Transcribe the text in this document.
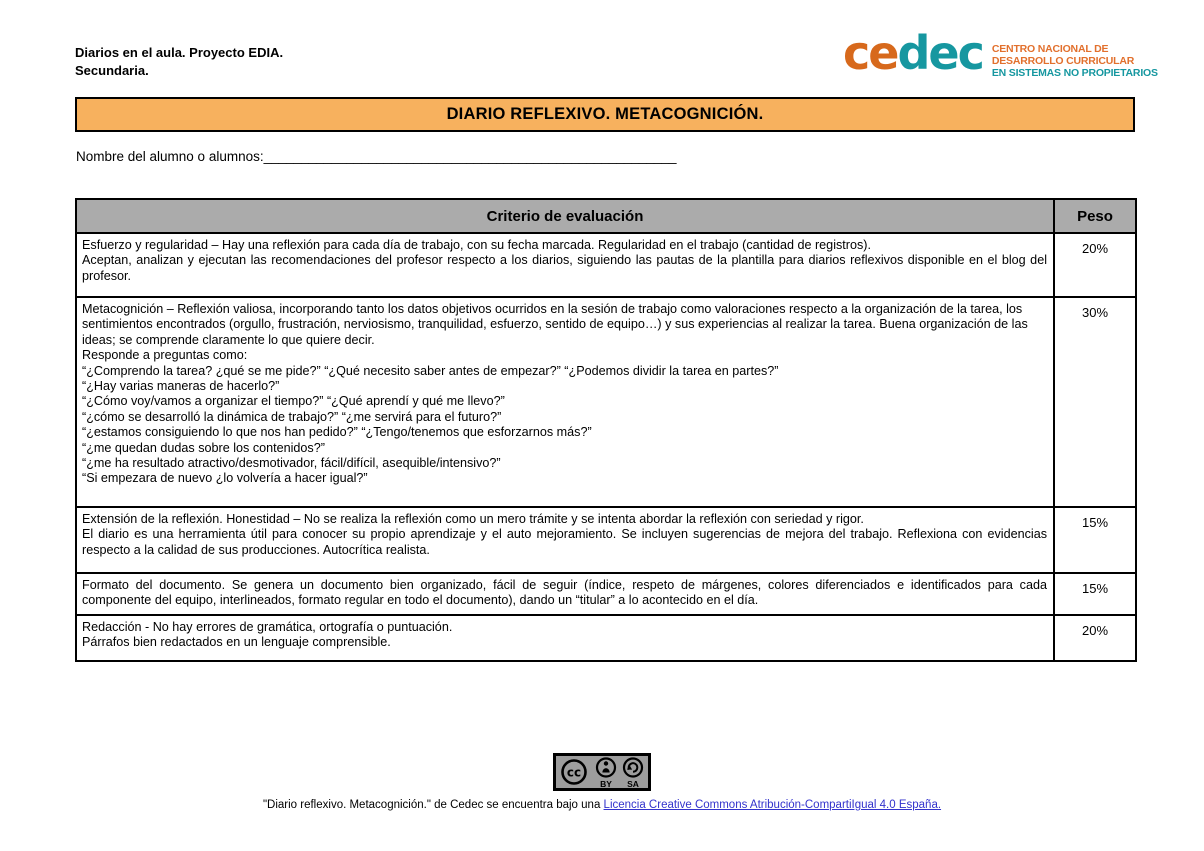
Diarios en el aula. Proyecto EDIA.
Secundaria.	cedec CENTRO NACIONAL DE
DESARROLLO CURRICULAR
EN SISTEMAS NO PROPIETARIOS
DIARIO REFLEXIVO. METACOGNICIÓN.
Nombre del alumno o alumnos:_______________________________________________________
Criterio de evaluación	Peso

Esfuerzo y regularidad – Hay una reflexión para cada día de trabajo, con su fecha marcada. Regularidad en el trabajo (cantidad de registros).
Aceptan, analizan y ejecutan las recomendaciones del profesor respecto a los diarios, siguiendo las pautas de la plantilla para diarios reflexivos disponible en el blog del profesor.	20%

Metacognición – Reflexión valiosa, incorporando tanto los datos objetivos ocurridos en la sesión de trabajo como valoraciones respecto a la organización de la tarea, los sentimientos encontrados (orgullo, frustración, nerviosismo, tranquilidad, esfuerzo, sentido de equipo…) y sus experiencias al realizar la tarea. Buena organización de las ideas; se comprende claramente lo que quiere decir.
Responde a preguntas como:
“¿Comprendo la tarea? ¿qué se me pide?” “¿Qué necesito saber antes de empezar?” “¿Podemos dividir la tarea en partes?”
“¿Hay varias maneras de hacerlo?”
“¿Cómo voy/vamos a organizar el tiempo?” “¿Qué aprendí y qué me llevo?”
“¿cómo se desarrolló la dinámica de trabajo?” “¿me servirá para el futuro?”
“¿estamos consiguiendo lo que nos han pedido?” “¿Tengo/tenemos que esforzarnos más?”
“¿me quedan dudas sobre los contenidos?”
“¿me ha resultado atractivo/desmotivador, fácil/difícil, asequible/intensivo?”
“Si empezara de nuevo ¿lo volvería a hacer igual?”
	30%

Extensión de la reflexión. Honestidad – No se realiza la reflexión como un mero trámite y se intenta abordar la reflexión con seriedad y rigor.
El diario es una herramienta útil para conocer su propio aprendizaje y el auto mejoramiento. Se incluyen sugerencias de mejora del trabajo. Reflexiona con evidencias respecto a la calidad de sus producciones. Autocrítica realista.	15%

Formato del documento. Se genera un documento bien organizado, fácil de seguir (índice, respeto de márgenes, colores diferenciados e identificados para cada componente del equipo, interlineados, formato regular en todo el documento), dando un “titular” a lo acontecido en el día.	15%

Redacción - No hay errores de gramática, ortografía o puntuación.
Párrafos bien redactados en un lenguaje comprensible.	20%
cc
BY SA
"Diario reflexivo. Metacognición." de Cedec se encuentra bajo una Licencia Creative Commons Atribución-CompartiIgual 4.0 España.
